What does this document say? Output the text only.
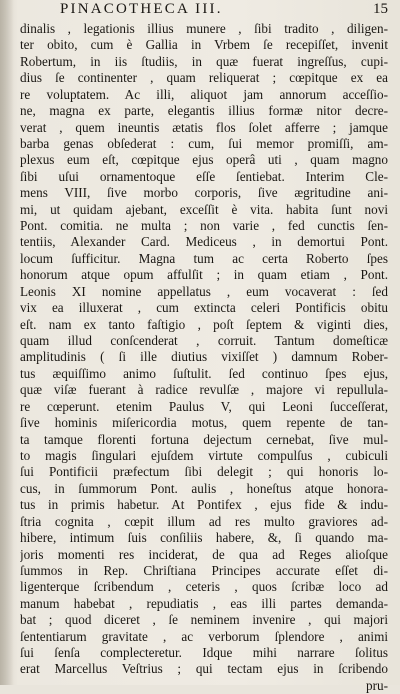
PINACOTHECA III.	15
dinalis , legationis illius munere , ſibi tradito , diligen-
ter obito, cum è Gallia in Vrbem ſe recepiſſet, invenit
Robertum, in iis ſtudiis, in quæ fuerat ingreſſus, cupi-
dius ſe continenter , quam reliquerat ; cœpitque ex ea
re voluptatem. Ac illi, aliquot jam annorum acceſſio-
ne, magna ex parte, elegantis illius formæ nitor decre-
verat , quem ineuntis ætatis flos ſolet afferre ; jamque
barba genas obſederat : cum, ſui memor promiſſi, am-
plexus eum eſt, cœpitque ejus operâ uti , quam magno
ſibi uſui ornamentoque eſſe ſentiebat. Interim Cle-
mens VIII, ſive morbo corporis, ſive ægritudine ani-
mi, ut quidam ajebant, exceſſit è vita. habita ſunt novi
Pont. comitia. ne multa ; non varie , fed cunctis ſen-
tentiis, Alexander Card. Mediceus , in demortui Pont.
locum ſufficitur. Magna tum ac certa Roberto ſpes
honorum atque opum affulſit ; in quam etiam , Pont.
Leonis XI nomine appellatus , eum vocaverat : ſed
vix ea illuxerat , cum extincta celeri Pontificis obitu
eſt. nam ex tanto faſtigio , poſt ſeptem & viginti dies,
quam illud conſcenderat , corruit. Tantum domeſticæ
amplitudinis ( ſi ille diutius vixiſſet ) damnum Rober-
tus æquiſſimo animo ſuſtulit. ſed continuo ſpes ejus,
quæ viſæ fuerant à radice revulſæ , majore vi repullula-
re cœperunt. etenim Paulus V, qui Leoni ſucceſſerat,
ſive hominis miſericordia motus, quem repente de tan-
ta tamque florenti fortuna dejectum cernebat, ſive mul-
to magis ſingulari ejuſdem virtute compulſus , cubiculi
ſui Pontificii præfectum ſibi delegit ; qui honoris lo-
cus, in ſummorum Pont. aulis , honeſtus atque honora-
tus in primis habetur. At Pontifex , ejus fide & indu-
ſtria cognita , cœpit illum ad res multo graviores ad-
hibere, intimum ſuis conſiliis habere, &, ſi quando ma-
joris momenti res inciderat, de qua ad Reges alioſque
ſummos in Rep. Chriſtiana Principes accurate eſſet di-
ligenterque ſcribendum , ceteris , quos ſcribæ loco ad
manum habebat , repudiatis , eas illi partes demanda-
bat ; quod diceret , ſe neminem invenire , qui majori
ſententiarum gravitate , ac verborum ſplendore , animi
ſui ſenſa complecteretur. Idque mihi narrare ſolitus
erat Marcellus Veſtrius ; qui tectam ejus in ſcribendo
pru-
